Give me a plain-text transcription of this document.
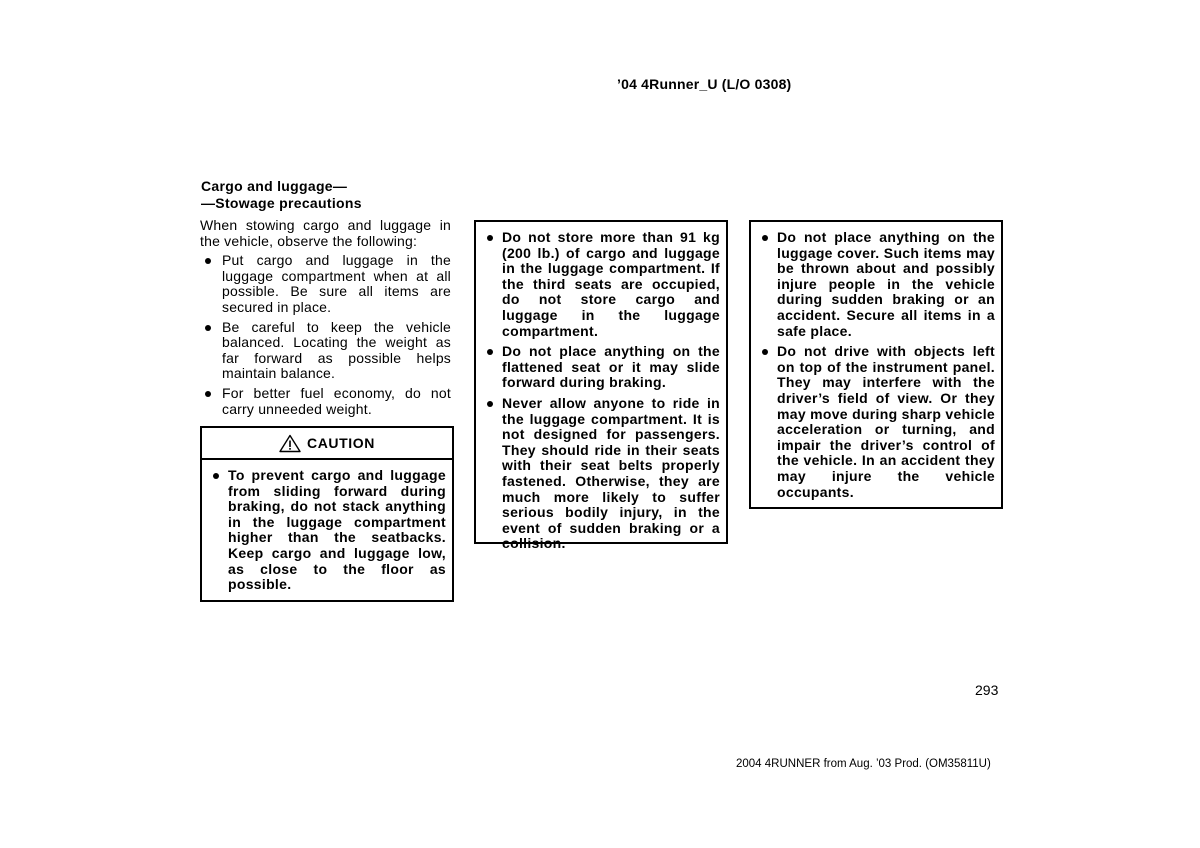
’04 4Runner_U (L/O 0308)
Cargo and luggage—
—Stowage precautions

When stowing cargo and luggage in the vehicle, observe the following:

Put cargo and luggage in the luggage compartment when at all possible. Be sure all items are secured in place.
Be careful to keep the vehicle balanced. Locating the weight as far forward as possible helps maintain balance.
For better fuel economy, do not carry unneeded weight.
CAUTION
To prevent cargo and luggage from sliding forward during braking, do not stack anything in the luggage compartment higher than the seatbacks. Keep cargo and luggage low, as close to the floor as possible.
Do not store more than 91 kg (200 lb.) of cargo and luggage in the luggage compartment. If the third seats are occupied, do not store cargo and luggage in the luggage compartment.
Do not place anything on the flattened seat or it may slide forward during braking.
Never allow anyone to ride in the luggage compartment. It is not designed for passengers. They should ride in their seats with their seat belts properly fastened. Otherwise, they are much more likely to suffer serious bodily injury, in the event of sudden braking or a collision.
Do not place anything on the luggage cover. Such items may be thrown about and possibly injure people in the vehicle during sudden braking or an accident. Secure all items in a safe place.
Do not drive with objects left on top of the instrument panel. They may interfere with the driver’s field of view. Or they may move during sharp vehicle acceleration or turning, and impair the driver’s control of the vehicle. In an accident they may injure the vehicle occupants.
293
2004 4RUNNER from Aug. ’03 Prod. (OM35811U)
